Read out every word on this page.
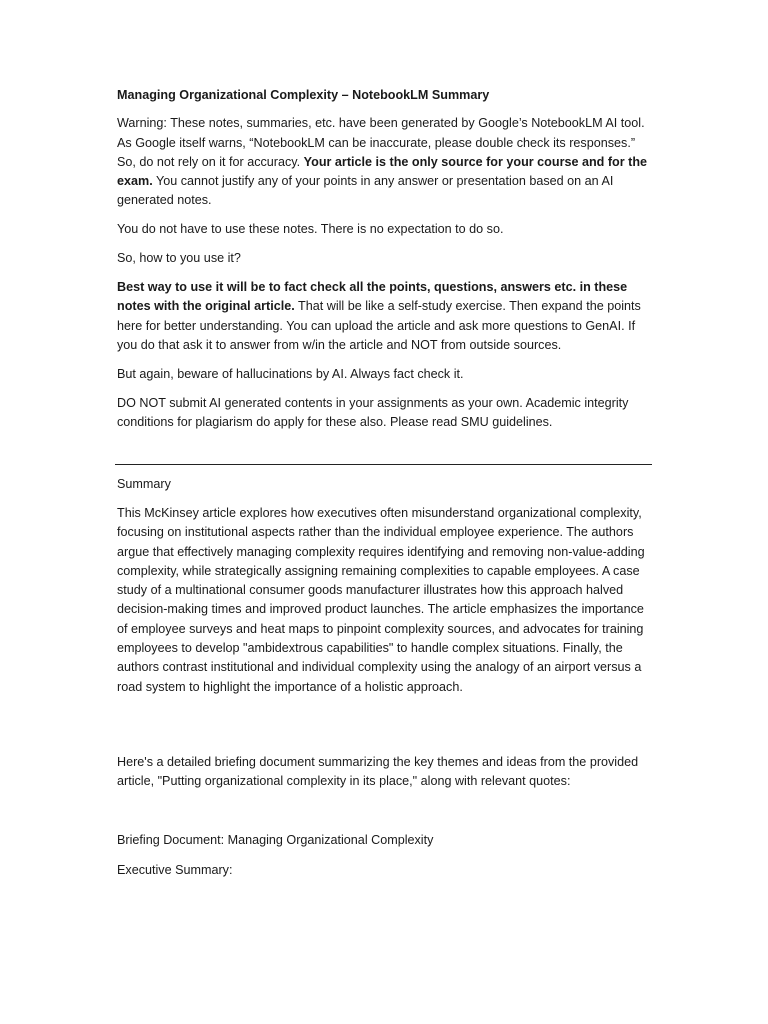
Managing Organizational Complexity – NotebookLM Summary

Warning: These notes, summaries, etc. have been generated by Google’s NotebookLM AI tool. As Google itself warns, “NotebookLM can be inaccurate, please double check its responses.” So, do not rely on it for accuracy. Your article is the only source for your course and for the exam. You cannot justify any of your points in any answer or presentation based on an AI generated notes.

You do not have to use these notes. There is no expectation to do so.

So, how to you use it?

Best way to use it will be to fact check all the points, questions, answers etc. in these notes with the original article. That will be like a self-study exercise. Then expand the points here for better understanding. You can upload the article and ask more questions to GenAI. If you do that ask it to answer from w/in the article and NOT from outside sources.

But again, beware of hallucinations by AI. Always fact check it.

DO NOT submit AI generated contents in your assignments as your own. Academic integrity conditions for plagiarism do apply for these also. Please read SMU guidelines.

Summary
This McKinsey article explores how executives often misunderstand organizational complexity, focusing on institutional aspects rather than the individual employee experience. The authors argue that effectively managing complexity requires identifying and removing non-value-adding complexity, while strategically assigning remaining complexities to capable employees. A case study of a multinational consumer goods manufacturer illustrates how this approach halved decision-making times and improved product launches. The article emphasizes the importance of employee surveys and heat maps to pinpoint complexity sources, and advocates for training employees to develop "ambidextrous capabilities" to handle complex situations. Finally, the authors contrast institutional and individual complexity using the analogy of an airport versus a road system to highlight the importance of a holistic approach.
Here's a detailed briefing document summarizing the key themes and ideas from the provided article, "Putting organizational complexity in its place," along with relevant quotes:
Briefing Document: Managing Organizational Complexity
Executive Summary:
